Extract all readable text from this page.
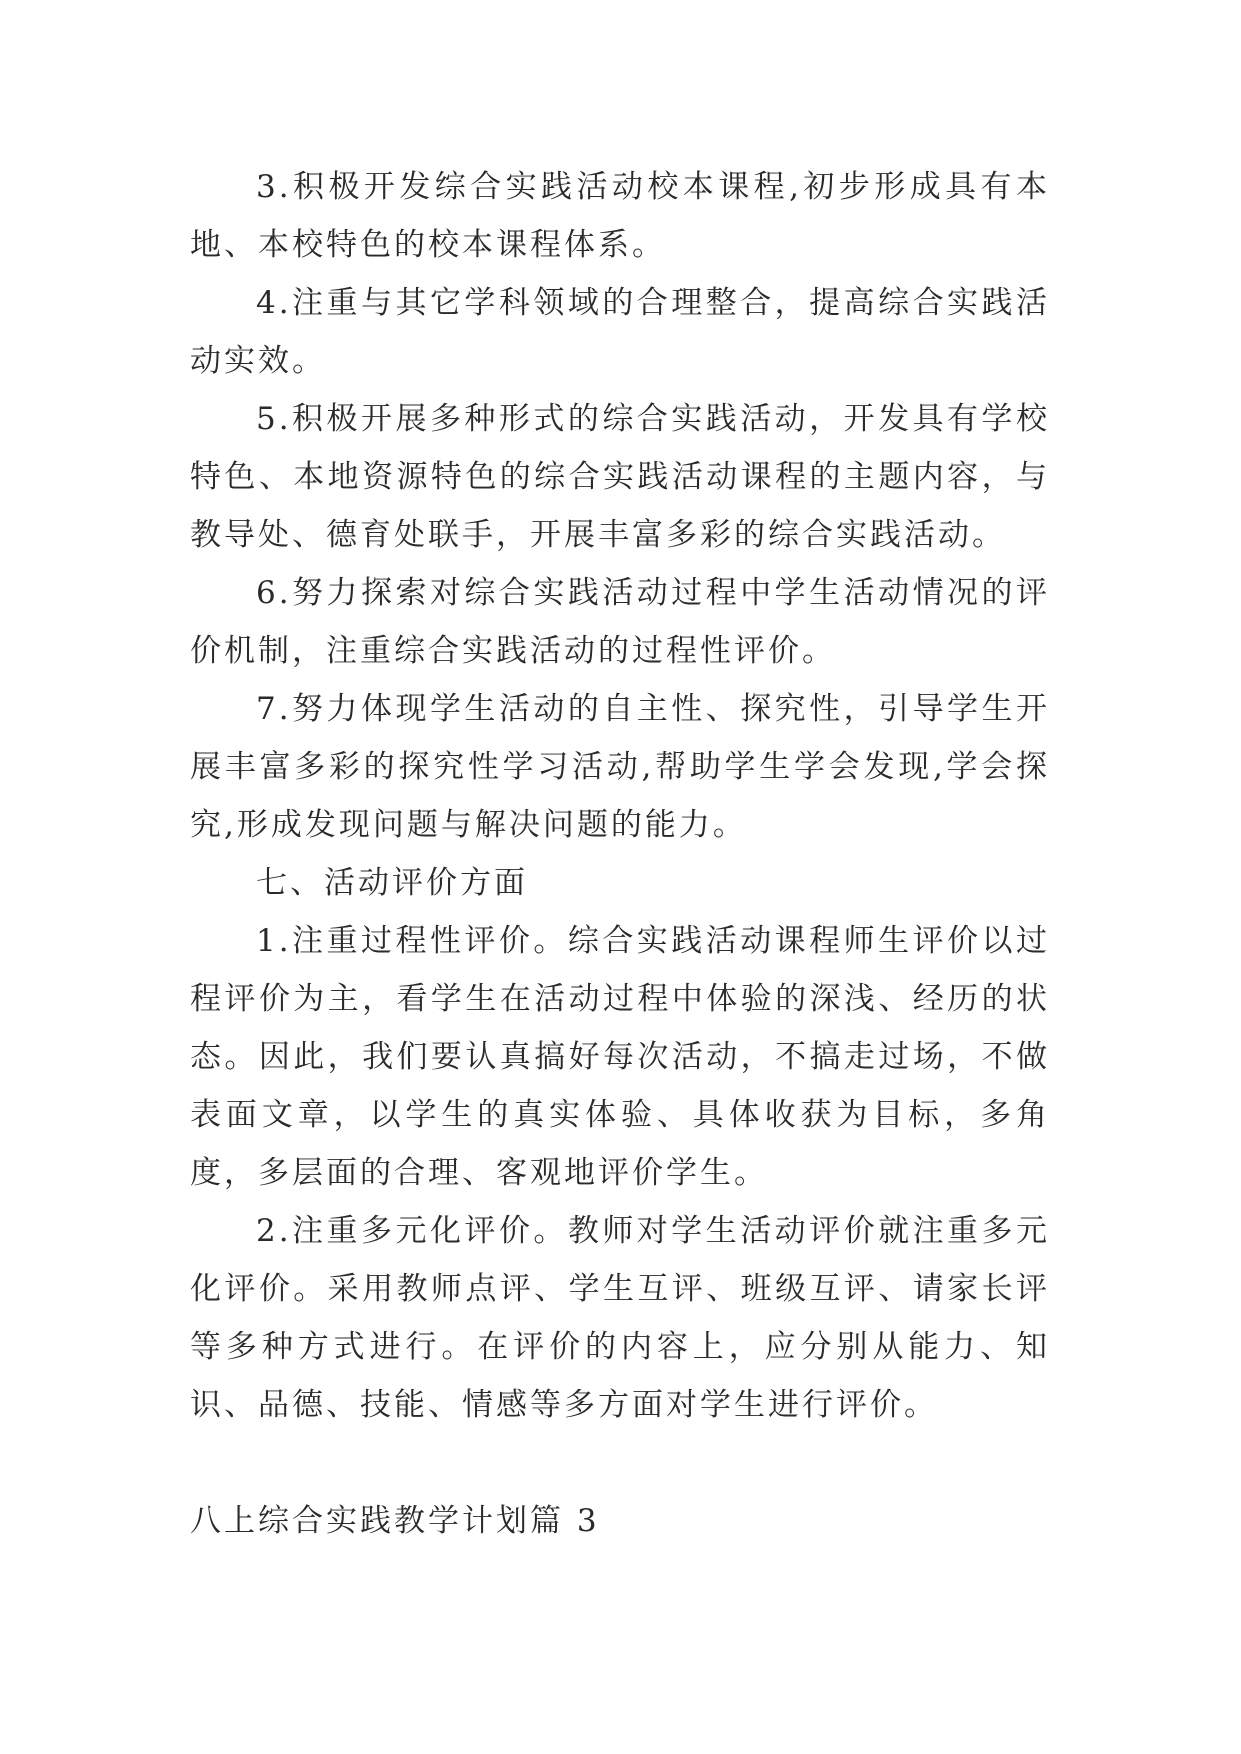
3.积极开发综合实践活动校本课程,初步形成具有本地、本校特色的校本课程体系。

4.注重与其它学科领域的合理整合，提高综合实践活动实效。

5.积极开展多种形式的综合实践活动，开发具有学校特色、本地资源特色的综合实践活动课程的主题内容，与教导处、德育处联手，开展丰富多彩的综合实践活动。

6.努力探索对综合实践活动过程中学生活动情况的评价机制，注重综合实践活动的过程性评价。

7.努力体现学生活动的自主性、探究性，引导学生开展丰富多彩的探究性学习活动,帮助学生学会发现,学会探究,形成发现问题与解决问题的能力。

七、活动评价方面

1.注重过程性评价。综合实践活动课程师生评价以过程评价为主，看学生在活动过程中体验的深浅、经历的状态。因此，我们要认真搞好每次活动，不搞走过场，不做表面文章，以学生的真实体验、具体收获为目标，多角度，多层面的合理、客观地评价学生。

2.注重多元化评价。教师对学生活动评价就注重多元化评价。采用教师点评、学生互评、班级互评、请家长评等多种方式进行。在评价的内容上，应分别从能力、知识、品德、技能、情感等多方面对学生进行评价。

八上综合实践教学计划篇 3
